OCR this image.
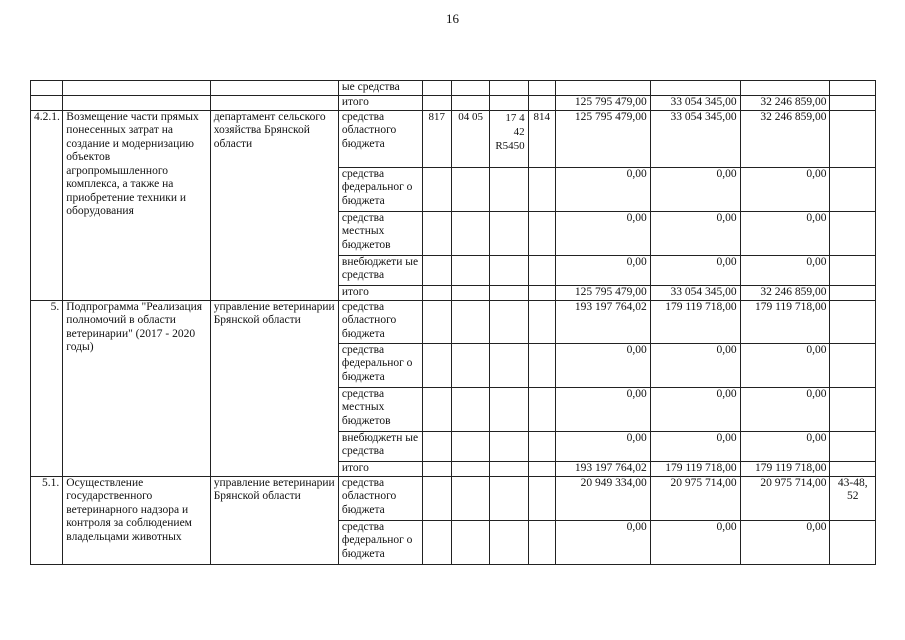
16
			ые средства								
			итого					125 795 479,00	33 054 345,00	32 246 859,00	
4.2.1.	Возмещение части прямых понесенных затрат на создание и модернизацию объектов агропромышленного комплекса, а также на приобретение техники и оборудования	департамент сельского хозяйства Брянской области	средства областного бюджета	817	04 05	17 4 42 R5450	814	125 795 479,00	33 054 345,00	32 246 859,00	
			средства федеральног о бюджета					0,00	0,00	0,00	
			средства местных бюджетов					0,00	0,00	0,00	
			внебюджети ые средства					0,00	0,00	0,00	
			итого					125 795 479,00	33 054 345,00	32 246 859,00	
5.	Подпрограмма "Реализация полномочий в области ветеринарии" (2017 - 2020 годы)	управление ветеринарии Брянской области	средства областного бюджета					193 197 764,02	179 119 718,00	179 119 718,00	
			средства федеральног о бюджета					0,00	0,00	0,00	
			средства местных бюджетов					0,00	0,00	0,00	
			внебюджетн ые средства					0,00	0,00	0,00	
			итого					193 197 764,02	179 119 718,00	179 119 718,00	
5.1.	Осуществление государственного ветеринарного надзора и контроля за соблюдением владельцами животных	управление ветеринарии Брянской области	средства областного бюджета					20 949 334,00	20 975 714,00	20 975 714,00	43-48, 52
			средства федеральног о бюджета					0,00	0,00	0,00	
